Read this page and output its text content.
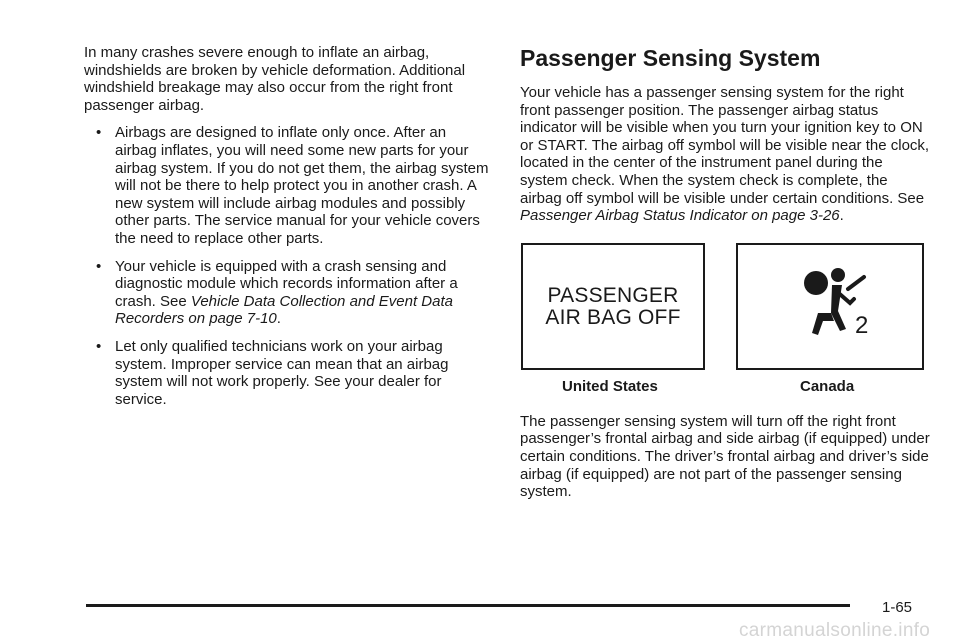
In many crashes severe enough to inflate an airbag, windshields are broken by vehicle deformation. Additional windshield breakage may also occur from the right front passenger airbag.

• Airbags are designed to inflate only once. After an airbag inflates, you will need some new parts for your airbag system. If you do not get them, the airbag system will not be there to help protect you in another crash. A new system will include airbag modules and possibly other parts. The service manual for your vehicle covers the need to replace other parts.
• Your vehicle is equipped with a crash sensing and diagnostic module which records information after a crash. See Vehicle Data Collection and Event Data Recorders on page 7-10.
• Let only qualified technicians work on your airbag system. Improper service can mean that an airbag system will not work properly. See your dealer for service.
Passenger Sensing System

Your vehicle has a passenger sensing system for the right front passenger position. The passenger airbag status indicator will be visible when you turn your ignition key to ON or START. The airbag off symbol will be visible near the clock, located in the center of the instrument panel during the system check. When the system check is complete, the airbag off symbol will be visible under certain conditions. See Passenger Airbag Status Indicator on page 3-26.

PASSENGER
AIR BAG OFF	2
United States	Canada

The passenger sensing system will turn off the right front passenger’s frontal airbag and side airbag (if equipped) under certain conditions. The driver’s frontal airbag and driver’s side airbag (if equipped) are not part of the passenger sensing system.

1-65
carmanualsonline.info
